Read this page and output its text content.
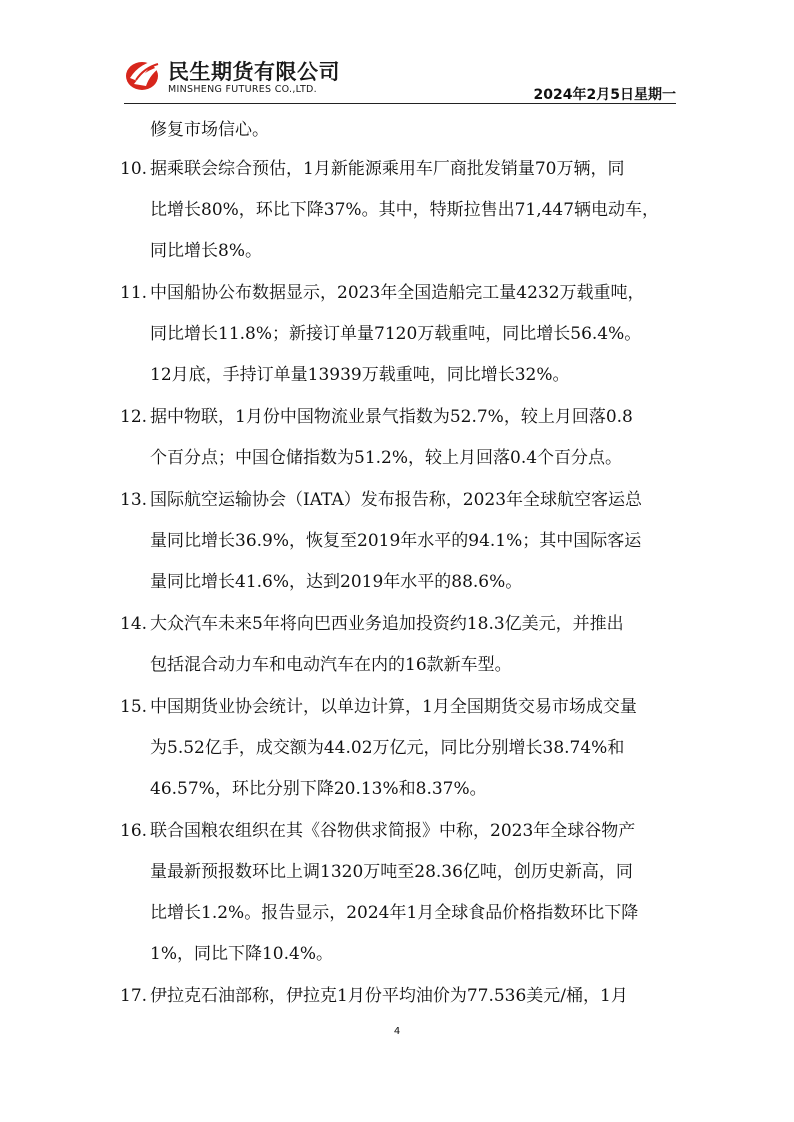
民生期货有限公司
MINSHENG FUTURES CO.,LTD.	2024年2月5日星期一
修复市场信心。
10. 据乘联会综合预估，1月新能源乘用车厂商批发销量70万辆，同
比增长80%，环比下降37%。其中，特斯拉售出71,447辆电动车，
同比增长8%。
11. 中国船协公布数据显示，2023年全国造船完工量4232万载重吨，
同比增长11.8%；新接订单量7120万载重吨，同比增长56.4%。
12月底，手持订单量13939万载重吨，同比增长32%。
12. 据中物联，1月份中国物流业景气指数为52.7%，较上月回落0.8
个百分点；中国仓储指数为51.2%，较上月回落0.4个百分点。
13. 国际航空运输协会（IATA）发布报告称，2023年全球航空客运总
量同比增长36.9%，恢复至2019年水平的94.1%；其中国际客运
量同比增长41.6%，达到2019年水平的88.6%。
14. 大众汽车未来5年将向巴西业务追加投资约18.3亿美元，并推出
包括混合动力车和电动汽车在内的16款新车型。
15. 中国期货业协会统计，以单边计算，1月全国期货交易市场成交量
为5.52亿手，成交额为44.02万亿元，同比分别增长38.74%和
46.57%，环比分别下降20.13%和8.37%。
16. 联合国粮农组织在其《谷物供求简报》中称，2023年全球谷物产
量最新预报数环比上调1320万吨至28.36亿吨，创历史新高，同
比增长1.2%。报告显示，2024年1月全球食品价格指数环比下降
1%，同比下降10.4%。
17. 伊拉克石油部称，伊拉克1月份平均油价为77.536美元/桶，1月
4
